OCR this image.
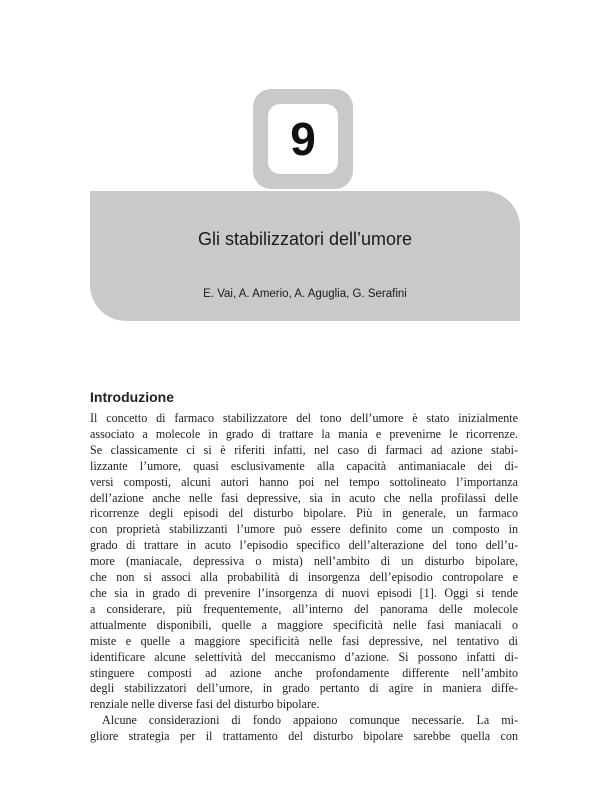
9
Gli stabilizzatori dell’umore
E. Vai, A. Amerio, A. Aguglia, G. Serafini
Introduzione

Il concetto di farmaco stabilizzatore del tono dell’umore è stato inizialmente
associato a molecole in grado di trattare la mania e prevenirne le ricorrenze.
Se classicamente ci si è riferiti infatti, nel caso di farmaci ad azione stabi-
lizzante l’umore, quasi esclusivamente alla capacità antimaniacale dei di-
versi composti, alcuni autori hanno poi nel tempo sottolineato l’importanza
dell’azione anche nelle fasi depressive, sia in acuto che nella profilassi delle
ricorrenze degli episodi del disturbo bipolare. Più in generale, un farmaco
con proprietà stabilizzanti l’umore può essere definito come un composto in
grado di trattare in acuto l’episodio specifico dell’alterazione del tono dell’u-
more (maniacale, depressiva o mista) nell’ambito di un disturbo bipolare,
che non si associ alla probabilità di insorgenza dell’episodio contropolare e
che sia in grado di prevenire l’insorgenza di nuovi episodi [1]. Oggi si tende
a considerare, più frequentemente, all’interno del panorama delle molecole
attualmente disponibili, quelle a maggiore specificità nelle fasi maniacali o
miste e quelle a maggiore specificità nelle fasi depressive, nel tentativo di
identificare alcune selettività del meccanismo d’azione. Si possono infatti di-
stinguere composti ad azione anche profondamente differente nell’ambito
degli stabilizzatori dell’umore, in grado pertanto di agire in maniera diffe-
renziale nelle diverse fasi del disturbo bipolare.

Alcune considerazioni di fondo appaiono comunque necessarie. La mi-
gliore strategia per il trattamento del disturbo bipolare sarebbe quella con
